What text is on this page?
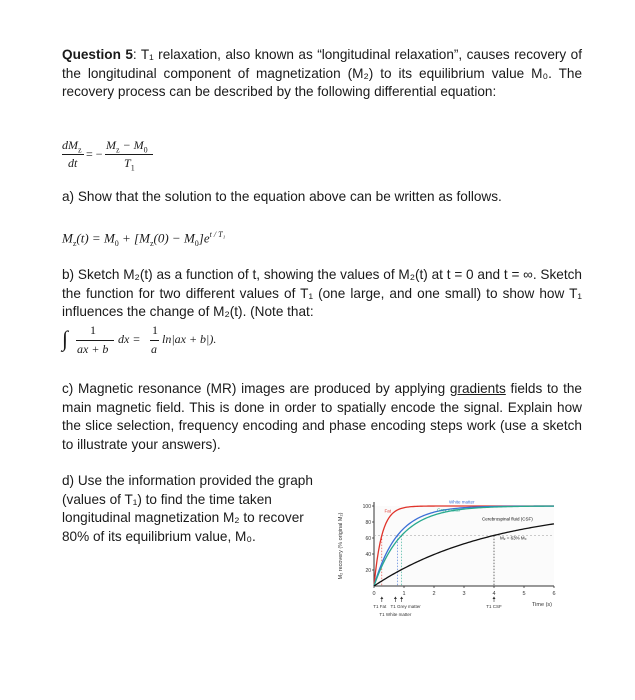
Question 5: T₁ relaxation, also known as “longitudinal relaxation”, causes recovery of the longitudinal component of magnetization (M₂) to its equilibrium value M₀. The recovery process can be described by the following differential equation:
$dM_z$
dt
= −
$M_z - M_0$
$T_1$
a) Show that the solution to the equation above can be written as follows.
$M_z(t) = M_0 + [M_z(0) - M_0]e^{t / T_1}$
b) Sketch M₂(t) as a function of t, showing the values of M₂(t) at t = 0 and t = ∞. Sketch the function for two different values of T₁ (one large, and one small) to show how T₁ influences the change of M₂(t). (Note that:
∫ 1
ax + b
dx =
1
a
ln|ax + b|).
c) Magnetic resonance (MR) images are produced by applying gradients fields to the main magnetic field. This is done in order to spatially encode the signal. Explain how the slice selection, frequency encoding and phase encoding steps work (use a sketch to illustrate your answers).
d) Use the information provided the graph (values of T₁) to find the time taken longitudinal magnetization M₂ to recover 80% of its equilibrium value, M₀.
20
40
60
80
100
0	1	2	3	4	5	6
Time (s)
M₂ recovery (% original M₂)
T1 Fat
T1 White matter
T1 Grey matter	T1 CSF
White matter
Grey matter
Fat
Cerebrospinal fluid (CSF)
M₂ = 63% M₀
